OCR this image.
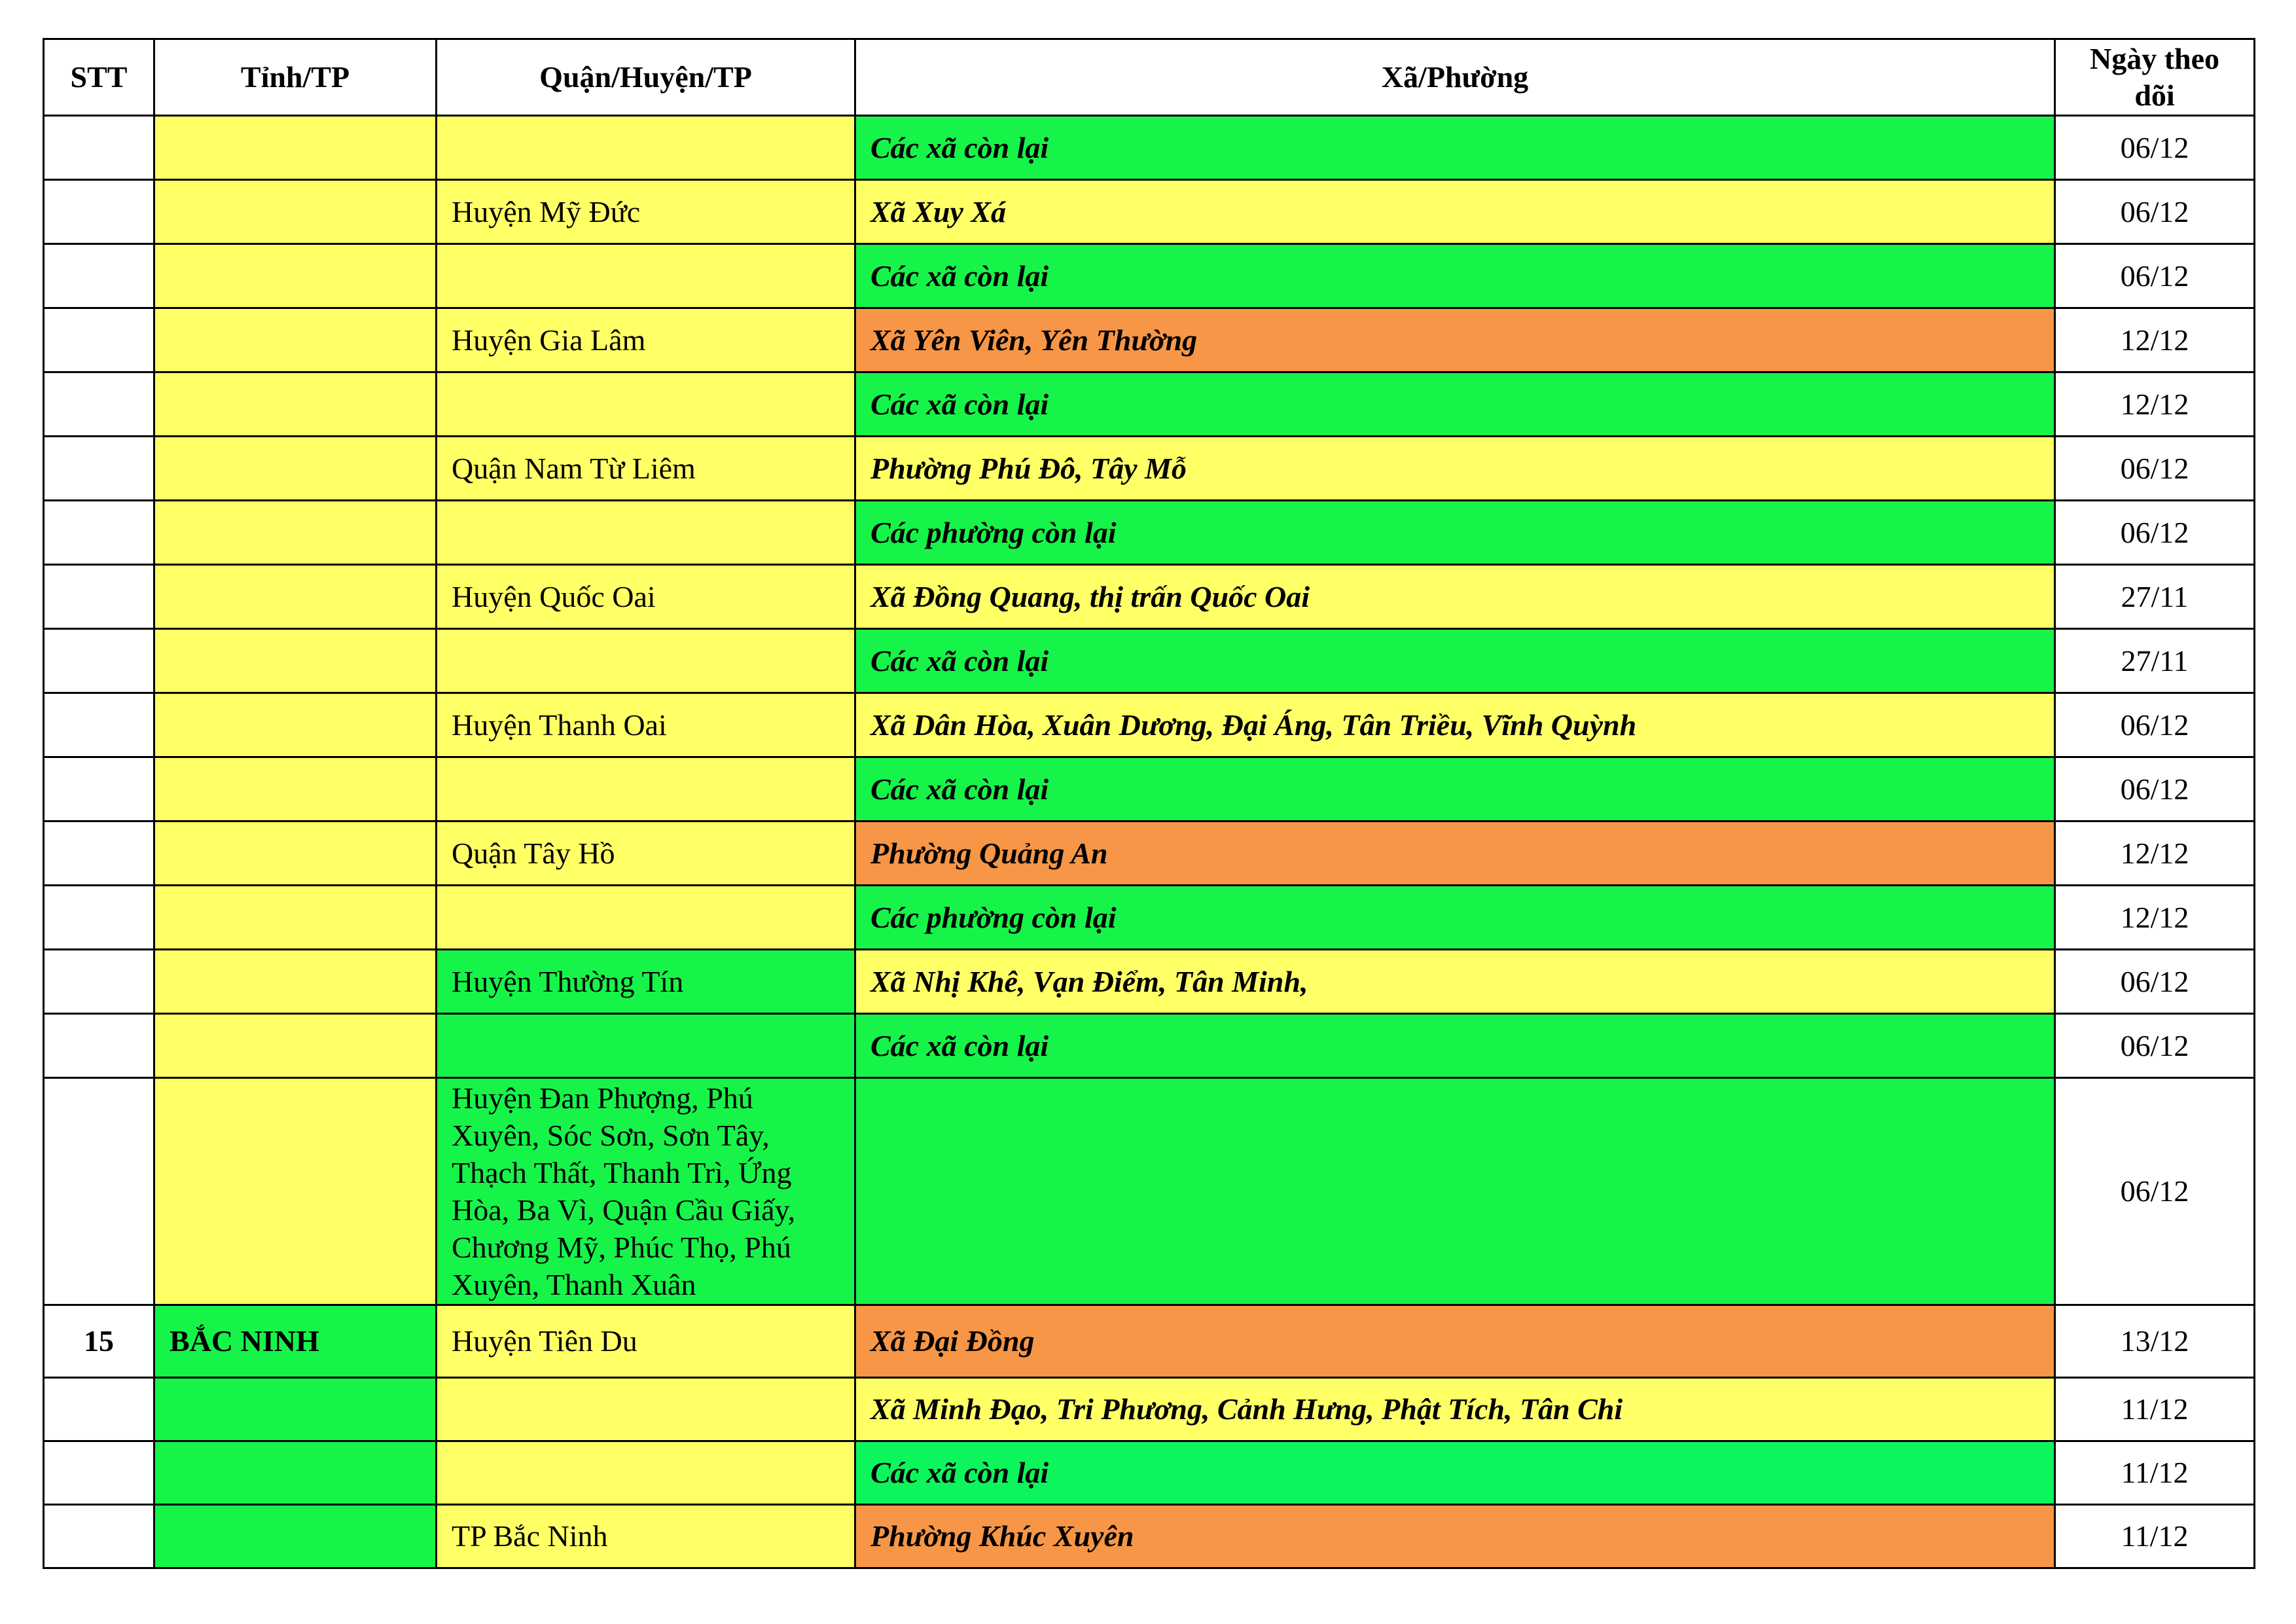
STT	Tỉnh/TP	Quận/Huyện/TP	Xã/Phường	Ngày theo dõi
			Các xã còn lại	06/12
		Huyện Mỹ Đức	Xã Xuy Xá	06/12
			Các xã còn lại	06/12
		Huyện Gia Lâm	Xã Yên Viên, Yên Thường	12/12
			Các xã còn lại	12/12
		Quận Nam Từ Liêm	Phường Phú Đô, Tây Mỗ	06/12
			Các phường còn lại	06/12
		Huyện Quốc Oai	Xã Đồng Quang, thị trấn Quốc Oai	27/11
			Các xã còn lại	27/11
		Huyện Thanh Oai	Xã Dân Hòa, Xuân Dương, Đại Áng, Tân Triều, Vĩnh Quỳnh	06/12
			Các xã còn lại	06/12
		Quận Tây Hồ	Phường Quảng An	12/12
			Các phường còn lại	12/12
		Huyện Thường Tín	Xã Nhị Khê, Vạn Điểm, Tân Minh,	06/12
			Các xã còn lại	06/12
		Huyện Đan Phượng, Phú Xuyên, Sóc Sơn, Sơn Tây, Thạch Thất, Thanh Trì, Ứng Hòa, Ba Vì, Quận Cầu Giấy, Chương Mỹ, Phúc Thọ, Phú Xuyên, Thanh Xuân		06/12
15	BẮC NINH	Huyện Tiên Du	Xã Đại Đồng	13/12
			Xã Minh Đạo, Tri Phương, Cảnh Hưng, Phật Tích, Tân Chi	11/12
			Các xã còn lại	11/12
		TP Bắc Ninh	Phường Khúc Xuyên	11/12
